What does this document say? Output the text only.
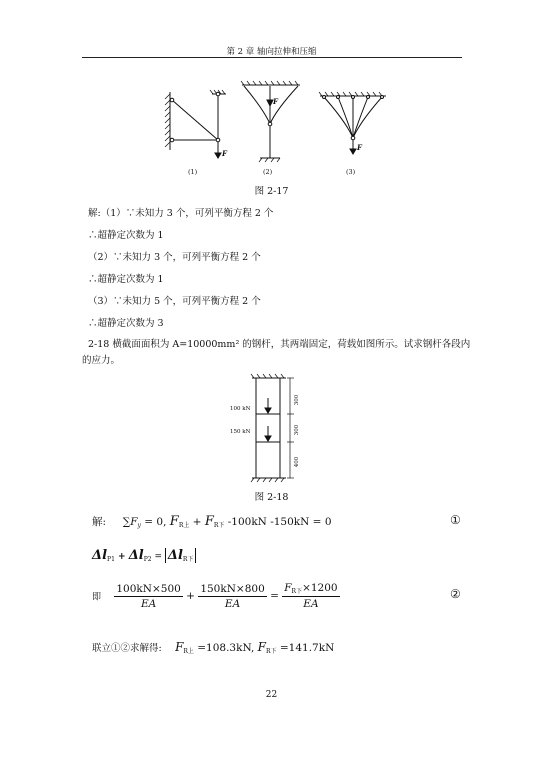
第 2 章 轴向拉伸和压缩
F
F
F
(1)	(2)	(3)
图 2-17
解:（1）∵未知力 3 个，可列平衡方程 2 个
∴超静定次数为 1
（2）∵未知力 3 个，可列平衡方程 2 个
∴超静定次数为 1
（3）∵未知力 5 个，可列平衡方程 2 个
∴超静定次数为 3
2-18 横截面面积为 A=10000mm² 的钢杆，其两端固定，荷载如图所示。试求钢杆各段内
的应力。
100 kN
150 kN
300
300
400
图 2-18
解: $\sum F_y = 0$, $F_{R上} + F_{R下}$ -100kN -150kN = 0	①
$\Delta l_{P1} + \Delta l_{P2} = \Delta l_{R下}$
即 $\frac{100kN\times 500}{EA} + \frac{150kN\times 800}{EA} = \frac{F_{R下}\times 1200}{EA}$	②
联立①②求解得: $F_{R上} =108.3kN$, $F_{R下} =141.7kN$
22
